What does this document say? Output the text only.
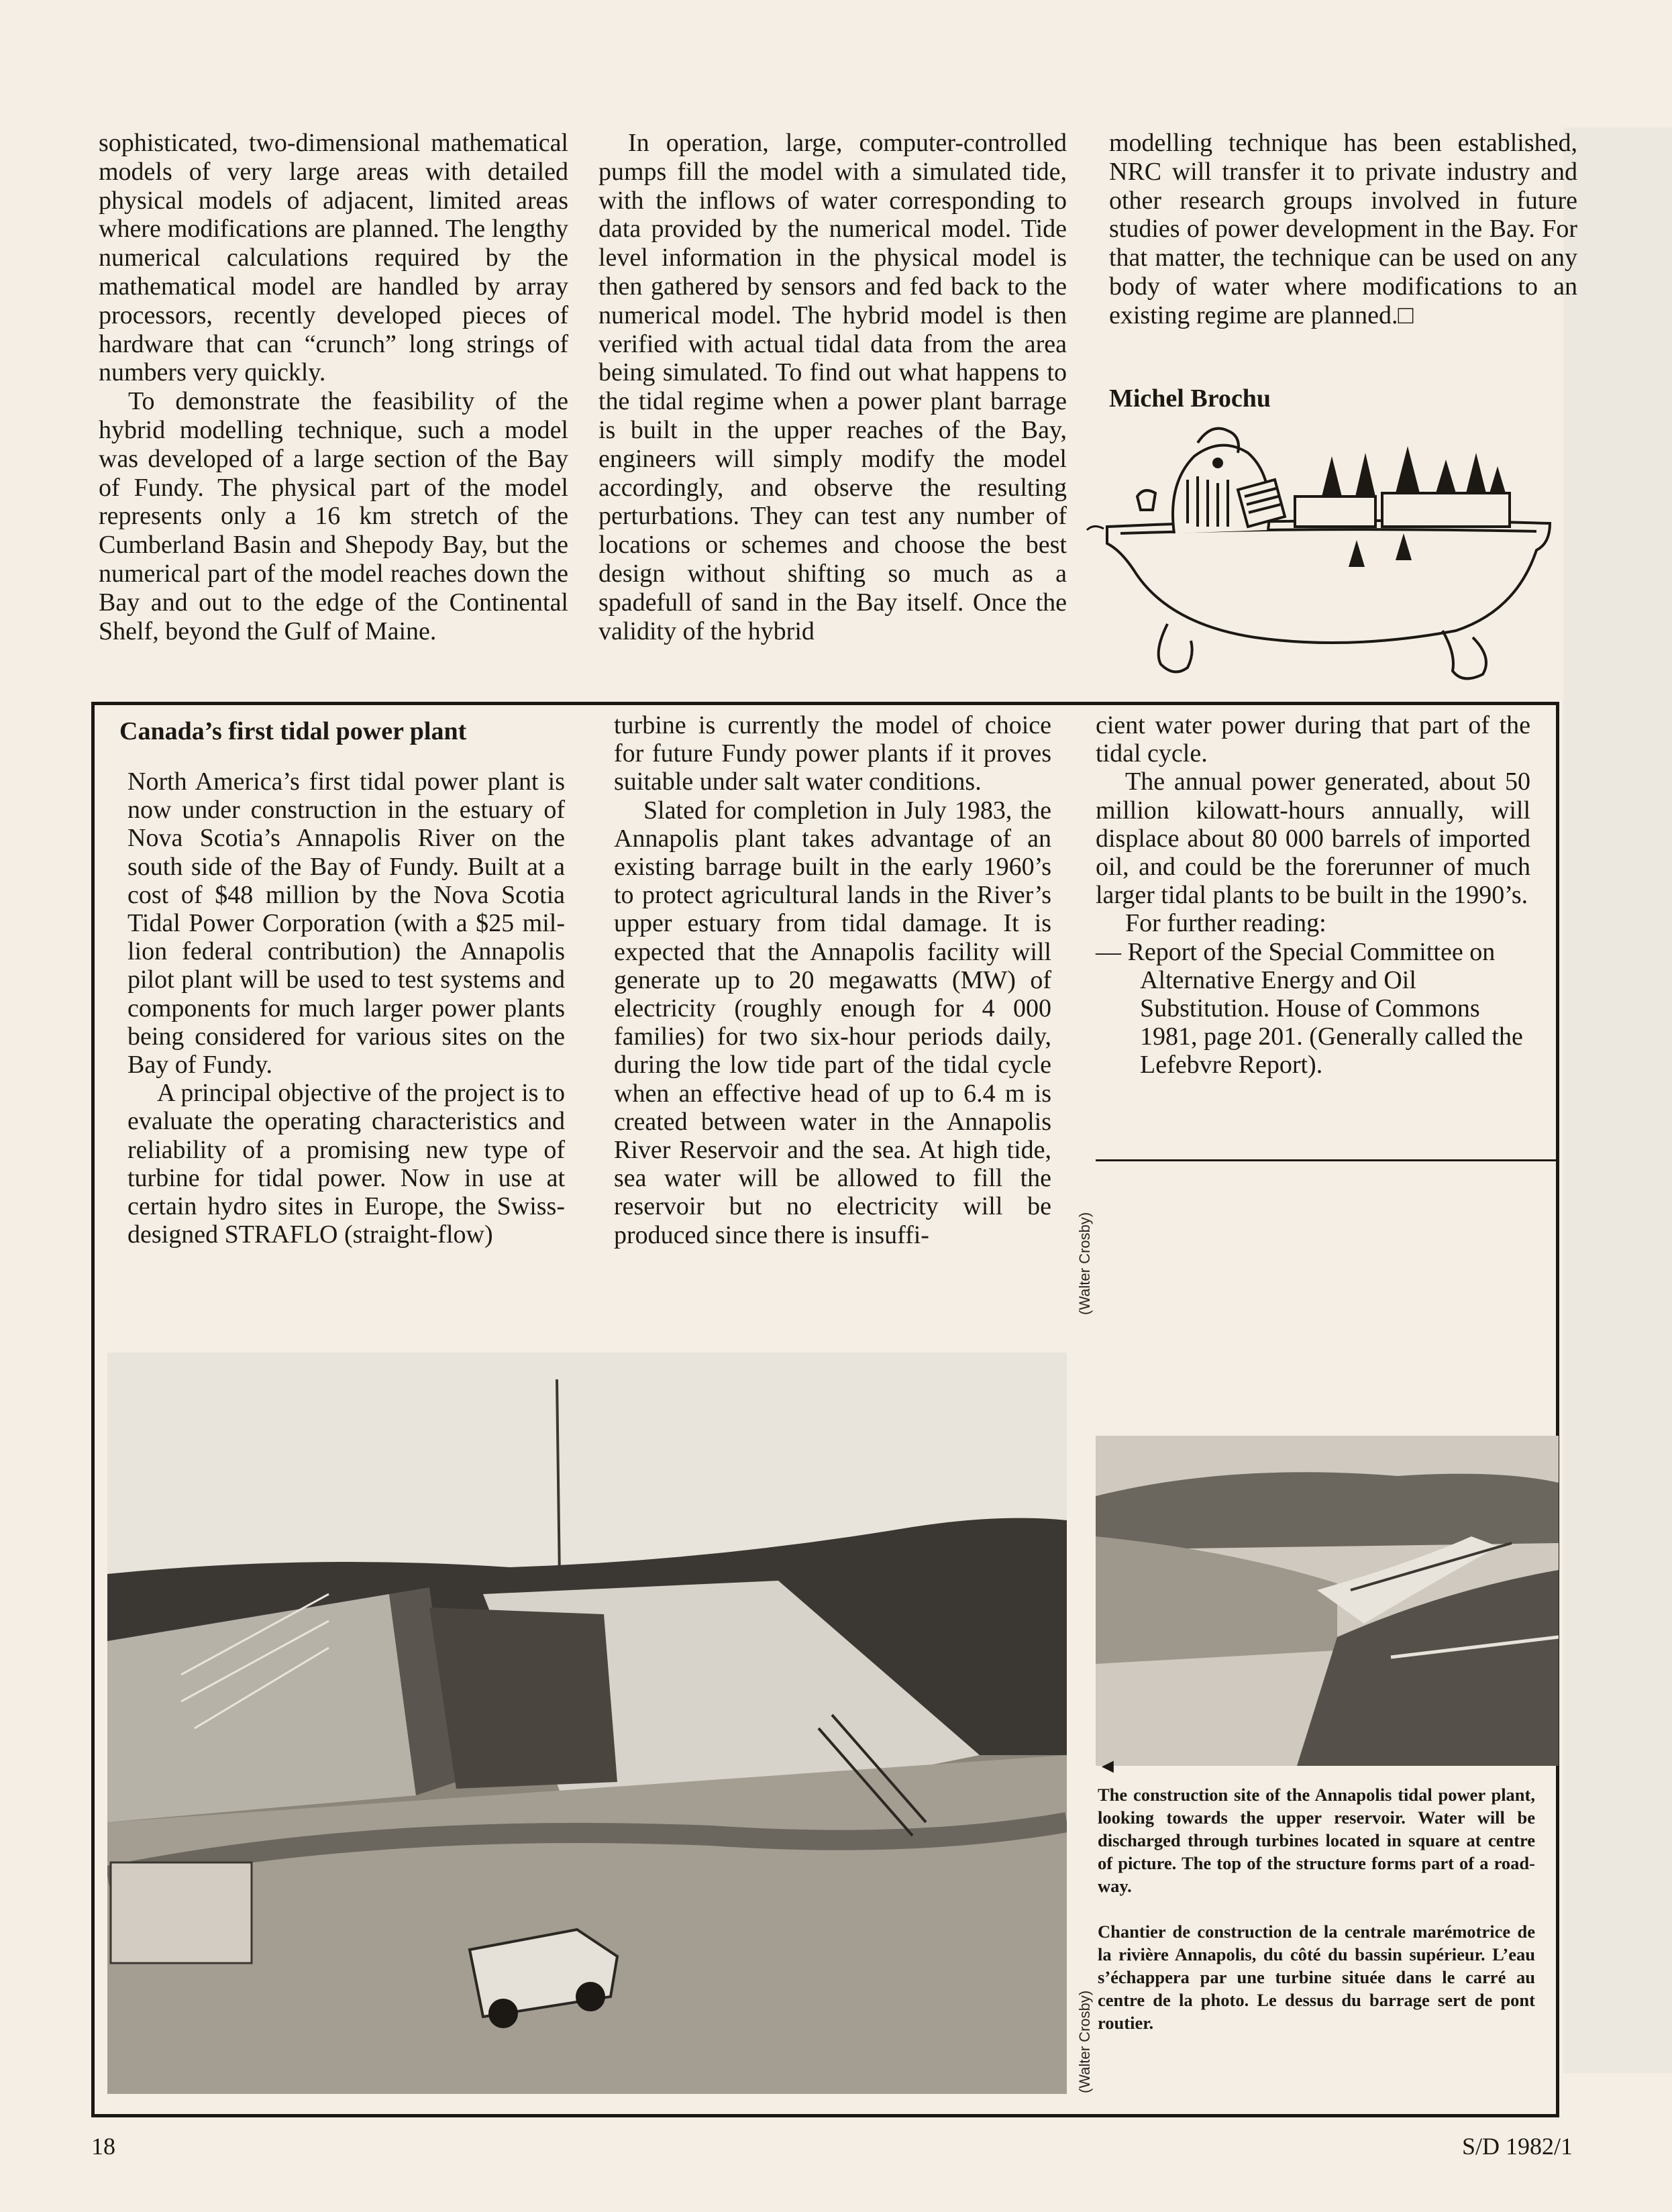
sophisticated, two-dimensional mathematical models of very large areas with detailed physical models of adjacent, limited areas where modifications are planned. The lengthy numerical calculations required by the mathematical model are handled by array processors, recently developed pieces of hardware that can “crunch” long strings of numbers very quickly.

To demonstrate the feasibility of the hybrid modelling technique, such a model was developed of a large section of the Bay of Fundy. The physical part of the model represents only a 16 km stretch of the Cumberland Basin and Shepody Bay, but the numerical part of the model reaches down the Bay and out to the edge of the Continental Shelf, beyond the Gulf of Maine.

In operation, large, computer-controlled pumps fill the model with a simulated tide, with the inflows of water corresponding to data provided by the numerical model. Tide level information in the physical model is then gathered by sensors and fed back to the numerical model. The hybrid model is then verified with actual tidal data from the area being simulated. To find out what happens to the tidal regime when a power plant barrage is built in the upper reaches of the Bay, engineers will simply modify the model accordingly, and observe the resulting perturbations. They can test any number of locations or schemes and choose the best design without shifting so much as a spadefull of sand in the Bay itself. Once the validity of the hybrid

modelling technique has been established, NRC will transfer it to private industry and other research groups involved in future studies of power development in the Bay. For that matter, the technique can be used on any body of water where modifications to an existing regime are planned.□

Michel Brochu
Canada’s first tidal power plant

North America’s first tidal power plant is now under construction in the estuary of Nova Scotia’s Annapolis River on the south side of the Bay of Fundy. Built at a cost of $48 million by the Nova Scotia Tidal Power Corporation (with a $25 million federal contribution) the Annapolis pilot plant will be used to test systems and components for much larger power plants being considered for various sites on the Bay of Fundy.

A principal objective of the project is to evaluate the operating characteristics and reliability of a promising new type of turbine for tidal power. Now in use at certain hydro sites in Europe, the Swiss-designed STRAFLO (straight-flow)

turbine is currently the model of choice for future Fundy power plants if it proves suitable under salt water conditions.

Slated for completion in July 1983, the Annapolis plant takes advantage of an existing barrage built in the early 1960’s to protect agricultural lands in the River’s upper estuary from tidal damage. It is expected that the Annapolis facility will generate up to 20 megawatts (MW) of electricity (roughly enough for 4 000 families) for two six-hour periods daily, during the low tide part of the tidal cycle when an effective head of up to 6.4 m is created between water in the Annapolis River Reservoir and the sea. At high tide, sea water will be allowed to fill the reservoir but no electricity will be produced since there is insuffi-

cient water power during that part of the tidal cycle.

The annual power generated, about 50 million kilowatt-hours annually, will displace about 80 000 barrels of imported oil, and could be the forerunner of much larger tidal plants to be built in the 1990’s.

For further reading:

— Report of the Special Committee on Alternative Energy and Oil Substitution. House of Commons 1981, page 201. (Generally called the Lefebvre Report).

(Walter Crosby)
◄

The construction site of the Annapolis tidal power plant, looking towards the upper reservoir. Water will be discharged through turbines located in square at centre of picture. The top of the structure forms part of a roadway.

Chantier de construction de la centrale marémotrice de la rivière Annapolis, du côté du bassin supérieur. L’eau s’échappera par une turbine située dans le carré au centre de la photo. Le dessus du barrage sert de pont routier.

(Walter Crosby)
18	S/D 1982/1
